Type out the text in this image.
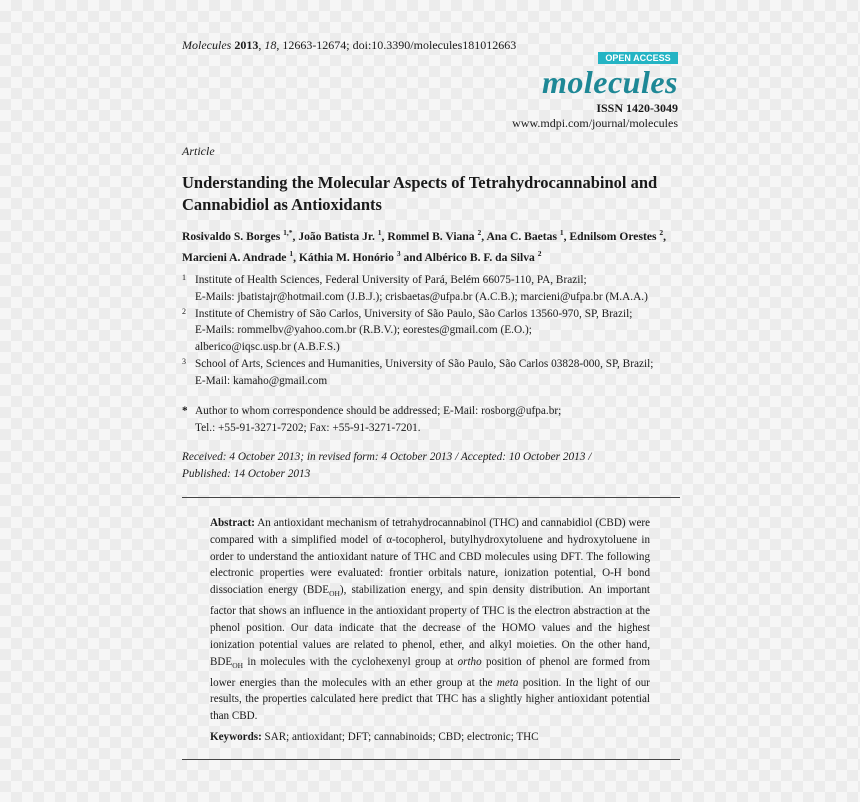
Molecules 2013, 18, 12663-12674; doi:10.3390/molecules181012663
OPEN ACCESS
molecules
ISSN 1420-3049
www.mdpi.com/journal/molecules
Article
Understanding the Molecular Aspects of Tetrahydrocannabinol and Cannabidiol as Antioxidants
Rosivaldo S. Borges $^{1,*}$, João Batista Jr. $^1$, Rommel B. Viana $^2$, Ana C. Baetas $^1$, Ednilsom Orestes $^2$, Marcieni A. Andrade $^1$, Káthia M. Honório $^3$ and Albérico B. F. da Silva $^2$
1 Institute of Health Sciences, Federal University of Pará, Belém 66075-110, PA, Brazil;
E-Mails: jbatistajr@hotmail.com (J.B.J.); crisbaetas@ufpa.br (A.C.B.); marcieni@ufpa.br (M.A.A.)
2 Institute of Chemistry of São Carlos, University of São Paulo, São Carlos 13560-970, SP, Brazil;
E-Mails: rommelbv@yahoo.com.br (R.B.V.); eorestes@gmail.com (E.O.);
alberico@iqsc.usp.br (A.B.F.S.)
3 School of Arts, Sciences and Humanities, University of São Paulo, São Carlos 03828-000, SP, Brazil;
E-Mail: kamaho@gmail.com
* Author to whom correspondence should be addressed; E-Mail: rosborg@ufpa.br;
Tel.: +55-91-3271-7202; Fax: +55-91-3271-7201.
Received: 4 October 2013; in revised form: 4 October 2013 / Accepted: 10 October 2013 /
Published: 14 October 2013
Abstract: An antioxidant mechanism of tetrahydrocannabinol (THC) and cannabidiol (CBD) were compared with a simplified model of α-tocopherol, butylhydroxytoluene and hydroxytoluene in order to understand the antioxidant nature of THC and CBD molecules using DFT. The following electronic properties were evaluated: frontier orbitals nature, ionization potential, O-H bond dissociation energy $(BDE_{OH})$, stabilization energy, and spin density distribution. An important factor that shows an influence in the antioxidant property of THC is the electron abstraction at the phenol position. Our data indicate that the decrease of the HOMO values and the highest ionization potential values are related to phenol, ether, and alkyl moieties. On the other hand, $BDE_{OH}$ in molecules with the cyclohexenyl group at ortho position of phenol are formed from lower energies than the molecules with an ether group at the meta position. In the light of our results, the properties calculated here predict that THC has a slightly higher antioxidant potential than CBD.
Keywords: SAR; antioxidant; DFT; cannabinoids; CBD; electronic; THC
